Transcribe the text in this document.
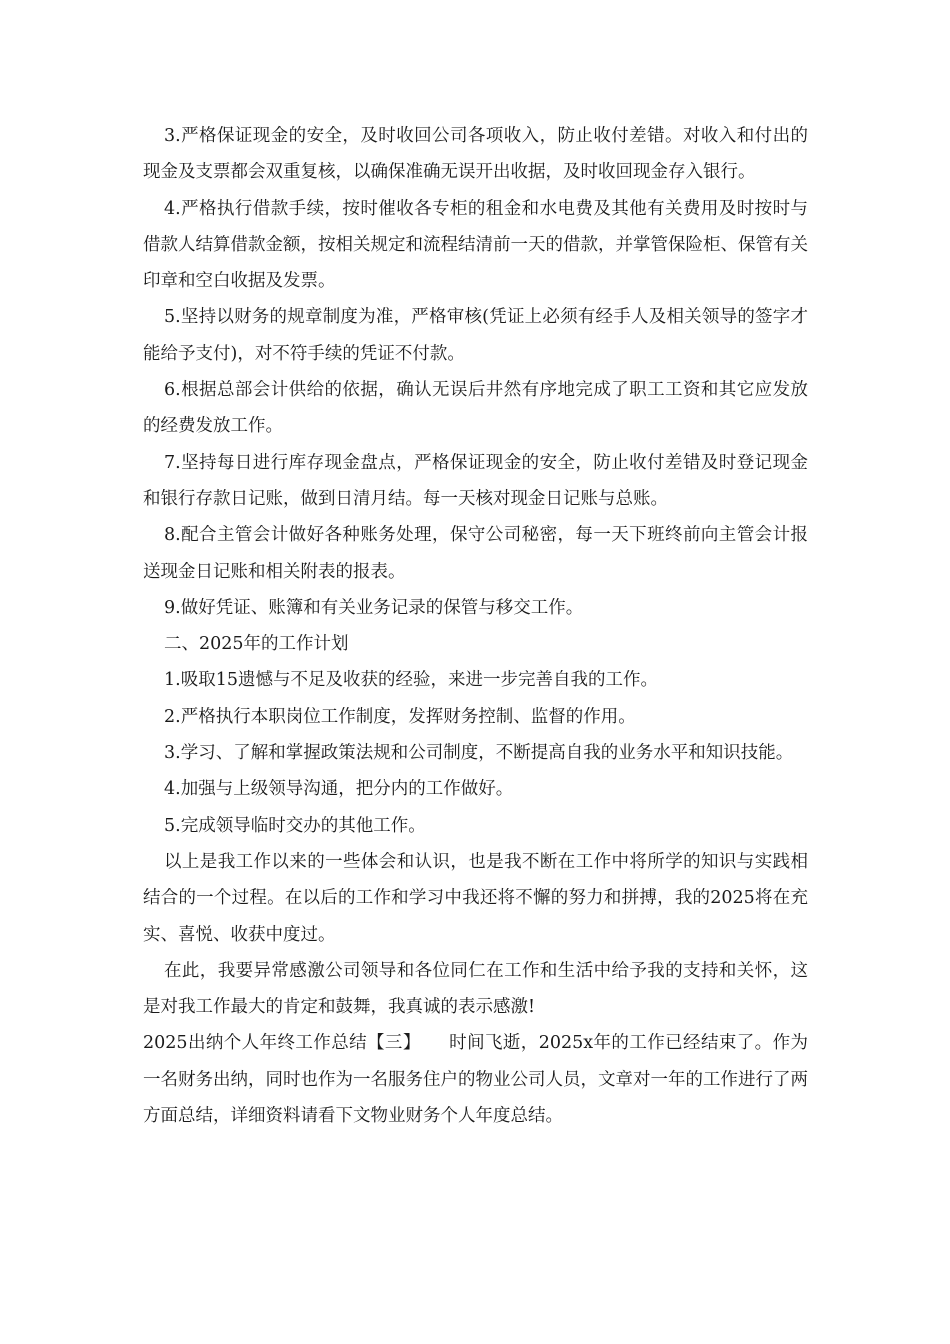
3.严格保证现金的安全，及时收回公司各项收入，防止收付差错。对收入和付出的现金及支票都会双重复核，以确保准确无误开出收据，及时收回现金存入银行。

4.严格执行借款手续，按时催收各专柜的租金和水电费及其他有关费用及时按时与借款人结算借款金额，按相关规定和流程结清前一天的借款，并掌管保险柜、保管有关印章和空白收据及发票。

5.坚持以财务的规章制度为准，严格审核(凭证上必须有经手人及相关领导的签字才能给予支付)，对不符手续的凭证不付款。

6.根据总部会计供给的依据，确认无误后井然有序地完成了职工工资和其它应发放的经费发放工作。

7.坚持每日进行库存现金盘点，严格保证现金的安全，防止收付差错及时登记现金和银行存款日记账，做到日清月结。每一天核对现金日记账与总账。

8.配合主管会计做好各种账务处理，保守公司秘密，每一天下班终前向主管会计报送现金日记账和相关附表的报表。

9.做好凭证、账簿和有关业务记录的保管与移交工作。

二、2025年的工作计划

1.吸取15遗憾与不足及收获的经验，来进一步完善自我的工作。

2.严格执行本职岗位工作制度，发挥财务控制、监督的作用。

3.学习、了解和掌握政策法规和公司制度，不断提高自我的业务水平和知识技能。

4.加强与上级领导沟通，把分内的工作做好。

5.完成领导临时交办的其他工作。

以上是我工作以来的一些体会和认识，也是我不断在工作中将所学的知识与实践相结合的一个过程。在以后的工作和学习中我还将不懈的努力和拼搏，我的2025将在充实、喜悦、收获中度过。

在此，我要异常感激公司领导和各位同仁在工作和生活中给予我的支持和关怀，这是对我工作最大的肯定和鼓舞，我真诚的表示感激!

2025出纳个人年终工作总结【三】 时间飞逝，2025x年的工作已经结束了。作为一名财务出纳，同时也作为一名服务住户的物业公司人员，文章对一年的工作进行了两方面总结，详细资料请看下文物业财务个人年度总结。
